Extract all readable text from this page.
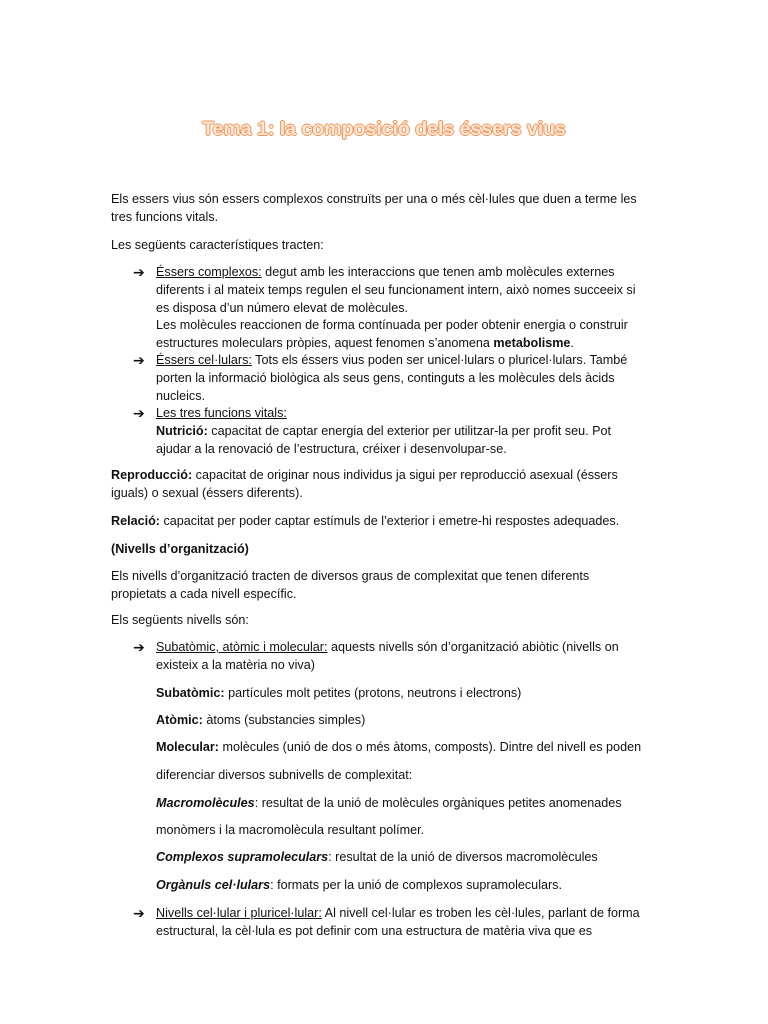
Tema 1: la composició dels éssers vius
Els essers vius són essers complexos construïts per una o més cèl·lules que duen a terme les
tres funcions vitals.
Les següents característiques tracten:
➔ Éssers complexos: degut amb les interaccions que tenen amb molècules externes
diferents i al mateix temps regulen el seu funcionament intern, això nomes succeeix si
es disposa d’un número elevat de molècules.
Les molècules reaccionen de forma contínuada per poder obtenir energia o construir
estructures moleculars pròpies, aquest fenomen s’anomena metabolisme.
➔ Éssers cel·lulars: Tots els éssers vius poden ser unicel·lulars o pluricel·lulars. També
porten la informació biològica als seus gens, continguts a les molècules dels àcids
nucleics.
➔ Les tres funcions vitals:
Nutrició: capacitat de captar energia del exterior per utilitzar-la per profit seu. Pot
ajudar a la renovació de l’estructura, créixer i desenvolupar-se.
Reproducció: capacitat de originar nous individus ja sigui per reproducció asexual (éssers
iguals) o sexual (éssers diferents).
Relació: capacitat per poder captar estímuls de l’exterior i emetre-hi respostes adequades.
(Nivells d’organització)
Els nivells d’organització tracten de diversos graus de complexitat que tenen diferents
propietats a cada nivell específic.
Els següents nivells són:
➔ Subatòmic, atòmic i molecular: aquests nivells són d’organització abiòtic (nivells on
existeix a la matèria no viva)
Subatòmic: partícules molt petites (protons, neutrons i electrons)
Atòmic: àtoms (substancies simples)
Molecular: molècules (unió de dos o més àtoms, composts). Dintre del nivell es poden
diferenciar diversos subnivells de complexitat:
Macromolècules: resultat de la unió de molècules orgàniques petites anomenades
monòmers i la macromolècula resultant polímer.
Complexos supramoleculars: resultat de la unió de diversos macromolècules
Orgànuls cel·lulars: formats per la unió de complexos supramoleculars.
➔ Nivells cel·lular i pluricel·lular: Al nivell cel·lular es troben les cèl·lules, parlant de forma
estructural, la cèl·lula es pot definir com una estructura de matèria viva que es
